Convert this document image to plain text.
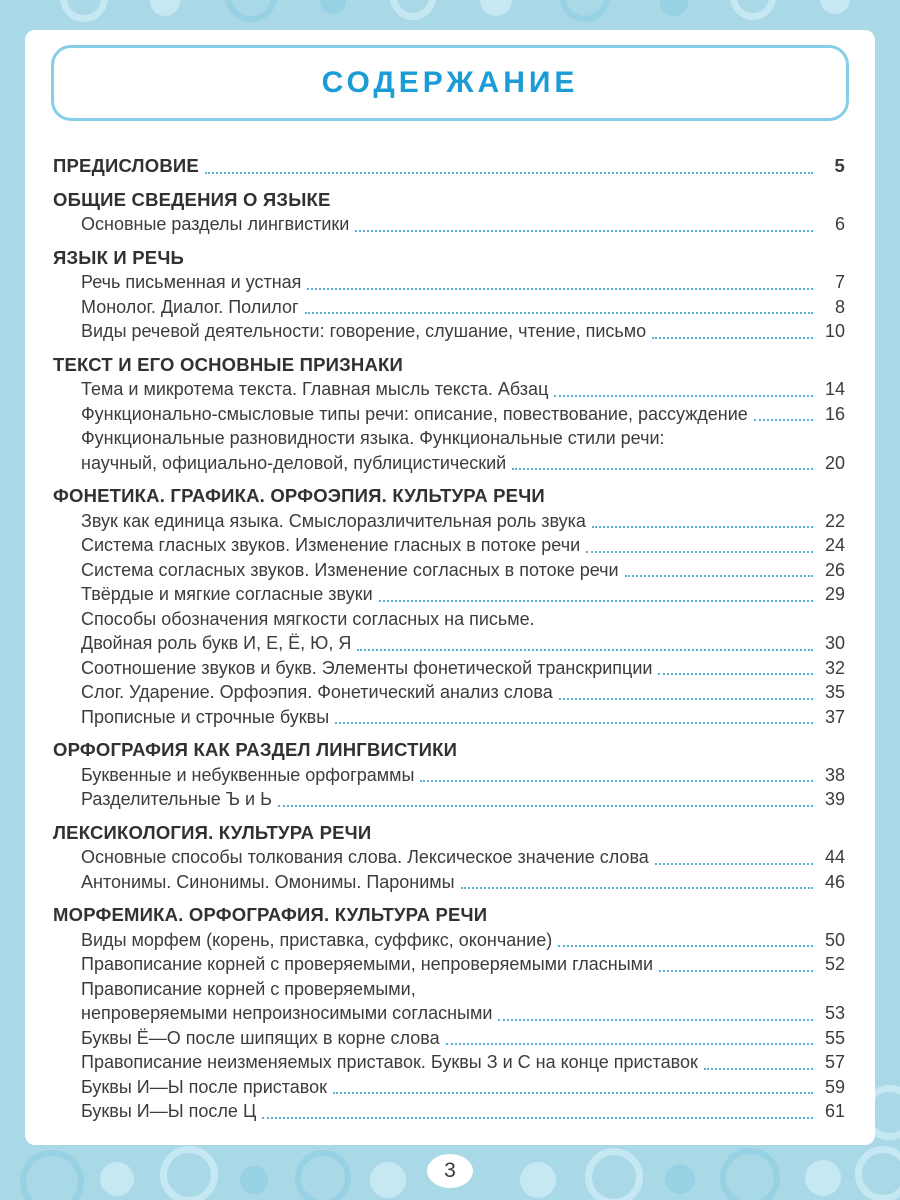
СОДЕРЖАНИЕ
ПРЕДИСЛОВИЕ	5
ОБЩИЕ СВЕДЕНИЯ О ЯЗЫКЕ
Основные разделы лингвистики	6
ЯЗЫК И РЕЧЬ
Речь письменная и устная	7
Монолог. Диалог. Полилог	8
Виды речевой деятельности: говорение, слушание, чтение, письмо	10
ТЕКСТ И ЕГО ОСНОВНЫЕ ПРИЗНАКИ
Тема и микротема текста. Главная мысль текста. Абзац	14
Функционально-смысловые типы речи: описание, повествование, рассуждение	16
Функциональные разновидности языка. Функциональные стили речи:
научный, официально-деловой, публицистический	20
ФОНЕТИКА. ГРАФИКА. ОРФОЭПИЯ. КУЛЬТУРА РЕЧИ
Звук как единица языка. Смыслоразличительная роль звука	22
Система гласных звуков. Изменение гласных в потоке речи	24
Система согласных звуков. Изменение согласных в потоке речи	26
Твёрдые и мягкие согласные звуки	29
Способы обозначения мягкости согласных на письме.
Двойная роль букв И, Е, Ё, Ю, Я	30
Соотношение звуков и букв. Элементы фонетической транскрипции	32
Слог. Ударение. Орфоэпия. Фонетический анализ слова	35
Прописные и строчные буквы	37
ОРФОГРАФИЯ КАК РАЗДЕЛ ЛИНГВИСТИКИ
Буквенные и небуквенные орфограммы	38
Разделительные Ъ и Ь	39
ЛЕКСИКОЛОГИЯ. КУЛЬТУРА РЕЧИ
Основные способы толкования слова. Лексическое значение слова	44
Антонимы. Синонимы. Омонимы. Паронимы	46
МОРФЕМИКА. ОРФОГРАФИЯ. КУЛЬТУРА РЕЧИ
Виды морфем (корень, приставка, суффикс, окончание)	50
Правописание корней с проверяемыми, непроверяемыми гласными	52
Правописание корней с проверяемыми,
непроверяемыми непроизносимыми согласными	53
Буквы Ё—О после шипящих в корне слова	55
Правописание неизменяемых приставок. Буквы З и С на конце приставок	57
Буквы И—Ы после приставок	59
Буквы И—Ы после Ц	61
3
